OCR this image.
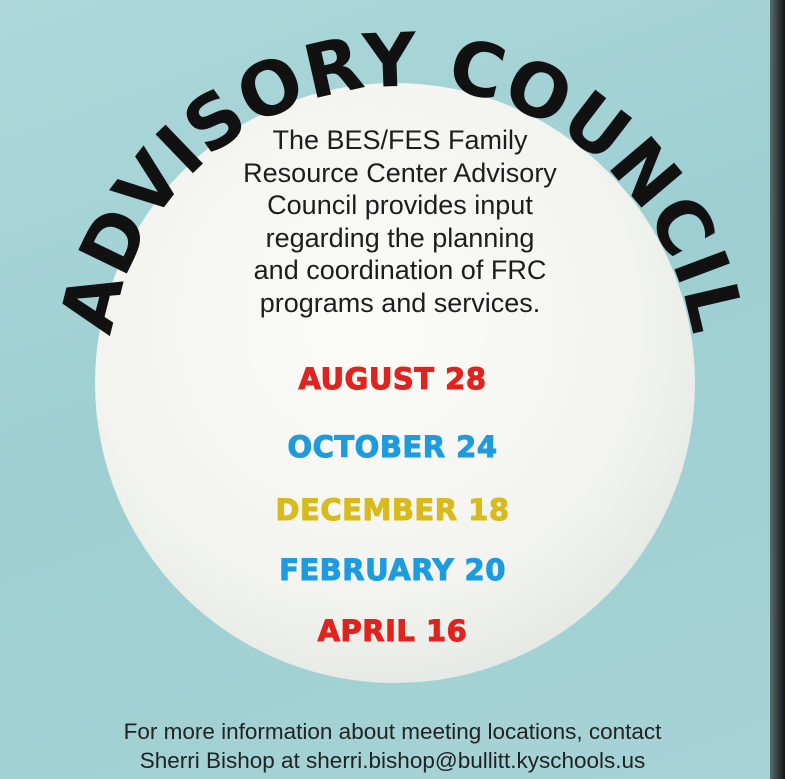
ADVISORY COUNCIL
The BES/FES Family
Resource Center Advisory
Council provides input
regarding the planning
and coordination of FRC
programs and services.
AUGUST 28
OCTOBER 24
DECEMBER 18
FEBRUARY 20
APRIL 16
For more information about meeting locations, contact
Sherri Bishop at sherri.bishop@bullitt.kyschools.us
